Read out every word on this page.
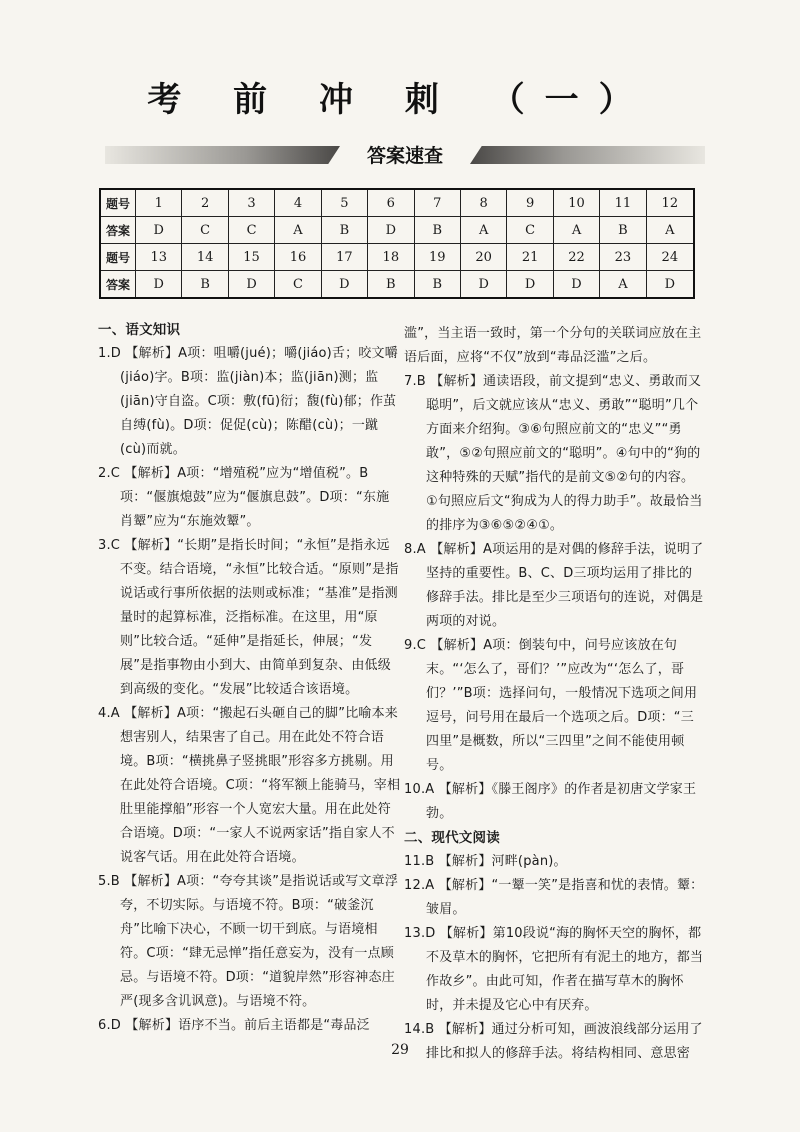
考 前 冲 刺 （一）
答案速查
题号	1	2	3	4	5	6	7	8	9	10	11	12
答案	D	C	C	A	B	D	B	A	C	A	B	A
题号	13	14	15	16	17	18	19	20	21	22	23	24
答案	D	B	D	C	D	B	B	D	D	D	A	D

一、语文知识

1.D 【解析】A项：咀嚼(jué)；嚼(jiáo)舌；咬文嚼(jiáo)字。B项：监(jiàn)本；监(jiān)测；监(jiān)守自盗。C项：敷(fū)衍；馥(fù)郁；作茧自缚(fù)。D项：促促(cù)；陈醋(cù)；一蹴(cù)而就。

2.C 【解析】A项：“增殖税”应为“增值税”。B项：“偃旗熄鼓”应为“偃旗息鼓”。D项：“东施肖颦”应为“东施效颦”。

3.C 【解析】“长期”是指长时间；“永恒”是指永远不变。结合语境，“永恒”比较合适。“原则”是指说话或行事所依据的法则或标准；“基准”是指测量时的起算标准，泛指标准。在这里，用“原则”比较合适。“延伸”是指延长，伸展；“发展”是指事物由小到大、由简单到复杂、由低级到高级的变化。“发展”比较适合该语境。

4.A 【解析】A项：“搬起石头砸自己的脚”比喻本来想害别人，结果害了自己。用在此处不符合语境。B项：“横挑鼻子竖挑眼”形容多方挑剔。用在此处符合语境。C项：“将军额上能骑马，宰相肚里能撑船”形容一个人宽宏大量。用在此处符合语境。D项：“一家人不说两家话”指自家人不说客气话。用在此处符合语境。

5.B 【解析】A项：“夸夸其谈”是指说话或写文章浮夸，不切实际。与语境不符。B项：“破釜沉舟”比喻下决心，不顾一切干到底。与语境相符。C项：“肆无忌惮”指任意妄为，没有一点顾忌。与语境不符。D项：“道貌岸然”形容神态庄严(现多含讥讽意)。与语境不符。

6.D 【解析】语序不当。前后主语都是“毒品泛

滥”，当主语一致时，第一个分句的关联词应放在主语后面，应将“不仅”放到“毒品泛滥”之后。

7.B 【解析】通读语段，前文提到“忠义、勇敢而又聪明”，后文就应该从“忠义、勇敢”“聪明”几个方面来介绍狗。③⑥句照应前文的“忠义”“勇敢”，⑤②句照应前文的“聪明”。④句中的“狗的这种特殊的天赋”指代的是前文⑤②句的内容。①句照应后文“狗成为人的得力助手”。故最恰当的排序为③⑥⑤②④①。

8.A 【解析】A项运用的是对偶的修辞手法，说明了坚持的重要性。B、C、D三项均运用了排比的修辞手法。排比是至少三项语句的连说，对偶是两项的对说。

9.C 【解析】A项：倒装句中，问号应该放在句末。“‘怎么了，哥们？’”应改为“‘怎么了，哥们？’”B项：选择问句，一般情况下选项之间用逗号，问号用在最后一个选项之后。D项：“三四里”是概数，所以“三四里”之间不能使用顿号。

10.A 【解析】《滕王阁序》的作者是初唐文学家王勃。

二、现代文阅读

11.B 【解析】河畔(pàn)。

12.A 【解析】“一颦一笑”是指喜和忧的表情。颦：皱眉。

13.D 【解析】第10段说“海的胸怀天空的胸怀，都不及草木的胸怀，它把所有有泥土的地方，都当作故乡”。由此可知，作者在描写草木的胸怀时，并未提及它心中有厌弃。

14.B 【解析】通过分析可知，画波浪线部分运用了排比和拟人的修辞手法。将结构相同、意思密

29
